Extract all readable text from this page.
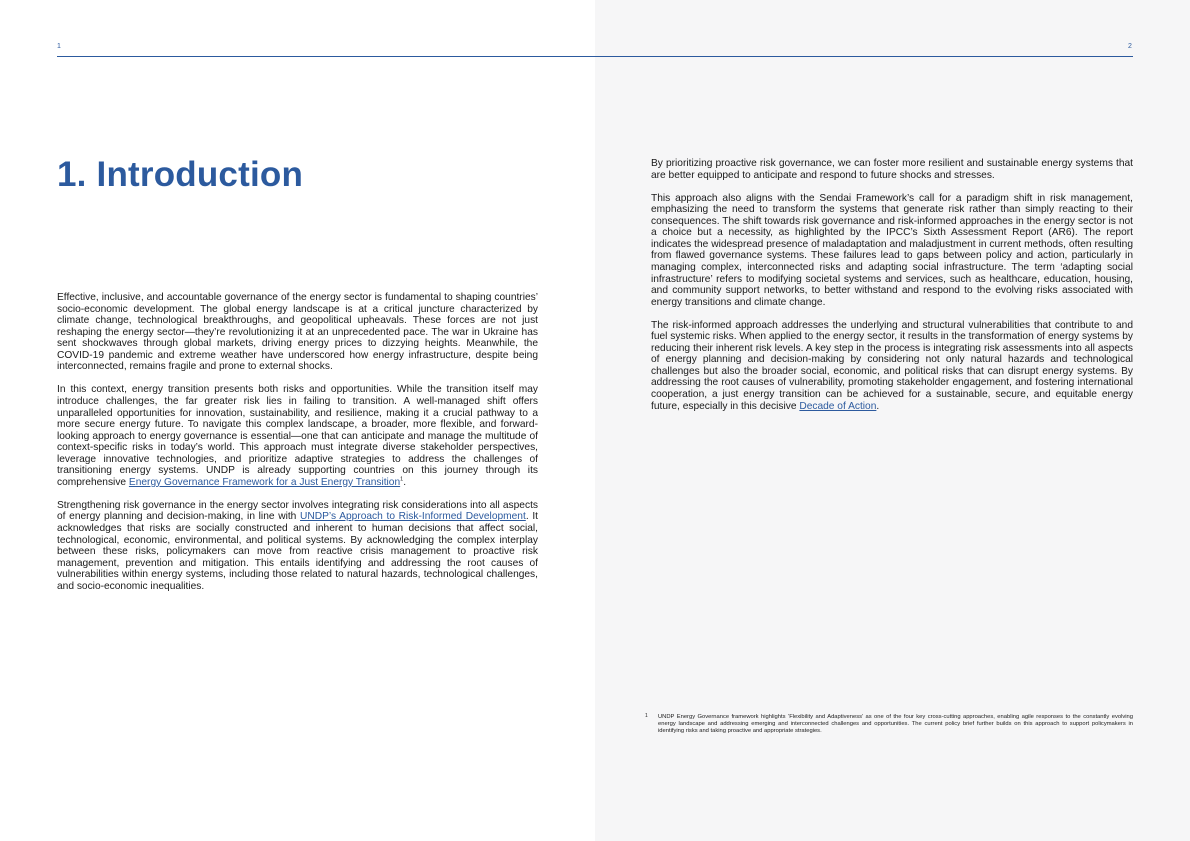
1
1. Introduction

Effective, inclusive, and accountable governance of the energy sector is fundamental to shaping countries’ socio-economic development. The global energy landscape is at a critical juncture characterized by climate change, technological breakthroughs, and geopolitical upheavals. These forces are not just reshaping the energy sector—they’re revolutionizing it at an unprecedented pace. The war in Ukraine has sent shockwaves through global markets, driving energy prices to dizzying heights. Meanwhile, the COVID-19 pandemic and extreme weather have underscored how energy infrastructure, despite being interconnected, remains fragile and prone to external shocks.

In this context, energy transition presents both risks and opportunities. While the transition itself may introduce challenges, the far greater risk lies in failing to transition. A well-managed shift offers unparalleled opportunities for innovation, sustainability, and resilience, making it a crucial pathway to a more secure energy future. To navigate this complex landscape, a broader, more flexible, and forward-looking approach to energy governance is essential—one that can anticipate and manage the multitude of context-specific risks in today’s world. This approach must integrate diverse stakeholder perspectives, leverage innovative technologies, and prioritize adaptive strategies to address the challenges of transitioning energy systems. UNDP is already supporting countries on this journey through its comprehensive Energy Governance Framework for a Just Energy Transition$^1$.

Strengthening risk governance in the energy sector involves integrating risk considerations into all aspects of energy planning and decision-making, in line with UNDP’s Approach to Risk-Informed Development. It acknowledges that risks are socially constructed and inherent to human decisions that affect social, technological, economic, environmental, and political systems. By acknowledging the complex interplay between these risks, policymakers can move from reactive crisis management to proactive risk management, prevention and mitigation. This entails identifying and addressing the root causes of vulnerabilities within energy systems, including those related to natural hazards, technological challenges, and socio-economic inequalities.

2

By prioritizing proactive risk governance, we can foster more resilient and sustainable energy systems that are better equipped to anticipate and respond to future shocks and stresses.

This approach also aligns with the Sendai Framework’s call for a paradigm shift in risk management, emphasizing the need to transform the systems that generate risk rather than simply reacting to their consequences. The shift towards risk governance and risk-informed approaches in the energy sector is not a choice but a necessity, as highlighted by the IPCC’s Sixth Assessment Report (AR6). The report indicates the widespread presence of maladaptation and maladjustment in current methods, often resulting from flawed governance systems. These failures lead to gaps between policy and action, particularly in managing complex, interconnected risks and adapting social infrastructure. The term ‘adapting social infrastructure’ refers to modifying societal systems and services, such as healthcare, education, housing, and community support networks, to better withstand and respond to the evolving risks associated with energy transitions and climate change.

The risk-informed approach addresses the underlying and structural vulnerabilities that contribute to and fuel systemic risks. When applied to the energy sector, it results in the transformation of energy systems by reducing their inherent risk levels. A key step in the process is integrating risk assessments into all aspects of energy planning and decision-making by considering not only natural hazards and technological challenges but also the broader social, economic, and political risks that can disrupt energy systems. By addressing the root causes of vulnerability, promoting stakeholder engagement, and fostering international cooperation, a just energy transition can be achieved for a sustainable, secure, and equitable energy future, especially in this decisive Decade of Action.

1	UNDP Energy Governance framework highlights ‘Flexibility and Adaptiveness’ as one of the four key cross-cutting approaches, enabling agile responses to the constantly evolving energy landscape and addressing emerging and interconnected challenges and opportunities. The current policy brief further builds on this approach to support policymakers in identifying risks and taking proactive and appropriate strategies.
